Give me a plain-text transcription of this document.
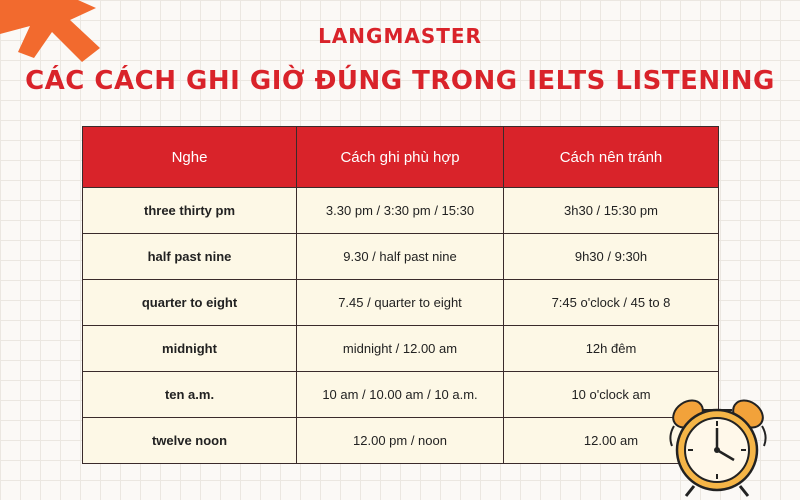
LANGMASTER
CÁC CÁCH GHI GIỜ ĐÚNG TRONG IELTS LISTENING
Nghe	Cách ghi phù hợp	Cách nên tránh
three thirty pm	3.30 pm / 3:30 pm / 15:30	3h30 / 15:30 pm
half past nine	9.30 / half past nine	9h30 / 9:30h
quarter to eight	7.45 / quarter to eight	7:45 o'clock / 45 to 8
midnight	midnight / 12.00 am	12h đêm
ten a.m.	10 am / 10.00 am / 10 a.m.	10 o'clock am
twelve noon	12.00 pm / noon	12.00 am
